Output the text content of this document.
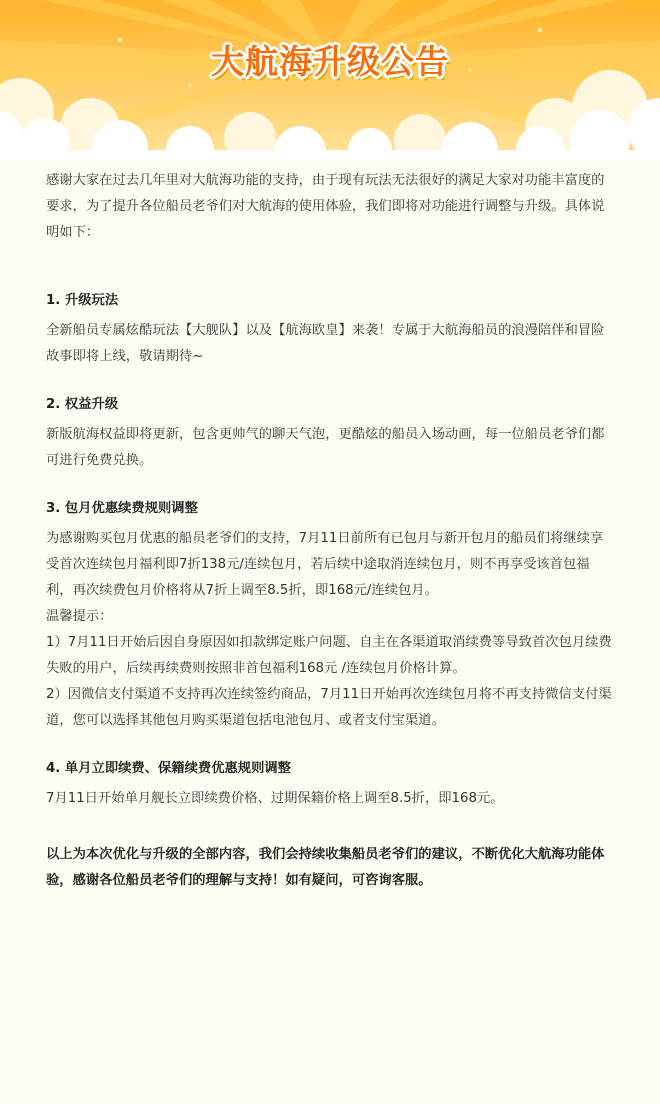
大航海升级公告

感谢大家在过去几年里对大航海功能的支持，由于现有玩法无法很好的满足大家对功能丰富度的要求，为了提升各位船员老爷们对大航海的使用体验，我们即将对功能进行调整与升级。具体说明如下：

1. 升级玩法

全新船员专属炫酷玩法【大舰队】以及【航海欧皇】来袭！专属于大航海船员的浪漫陪伴和冒险故事即将上线，敬请期待~

2. 权益升级

新版航海权益即将更新，包含更帅气的聊天气泡，更酷炫的船员入场动画，每一位船员老爷们都可进行免费兑换。

3. 包月优惠续费规则调整

为感谢购买包月优惠的船员老爷们的支持，7月11日前所有已包月与新开包月的船员们将继续享受首次连续包月福利即7折138元/连续包月，若后续中途取消连续包月，则不再享受该首包福利，再次续费包月价格将从7折上调至8.5折，即168元/连续包月。

温馨提示：

1）7月11日开始后因自身原因如扣款绑定账户问题、自主在各渠道取消续费等导致首次包月续费失败的用户，后续再续费则按照非首包福利168元 /连续包月价格计算。

2）因微信支付渠道不支持再次连续签约商品，7月11日开始再次连续包月将不再支持微信支付渠道，您可以选择其他包月购买渠道包括电池包月、或者支付宝渠道。

4. 单月立即续费、保籍续费优惠规则调整

7月11日开始单月舰长立即续费价格、过期保籍价格上调至8.5折，即168元。

以上为本次优化与升级的全部内容，我们会持续收集船员老爷们的建议，不断优化大航海功能体验，感谢各位船员老爷们的理解与支持！如有疑问，可咨询客服。
